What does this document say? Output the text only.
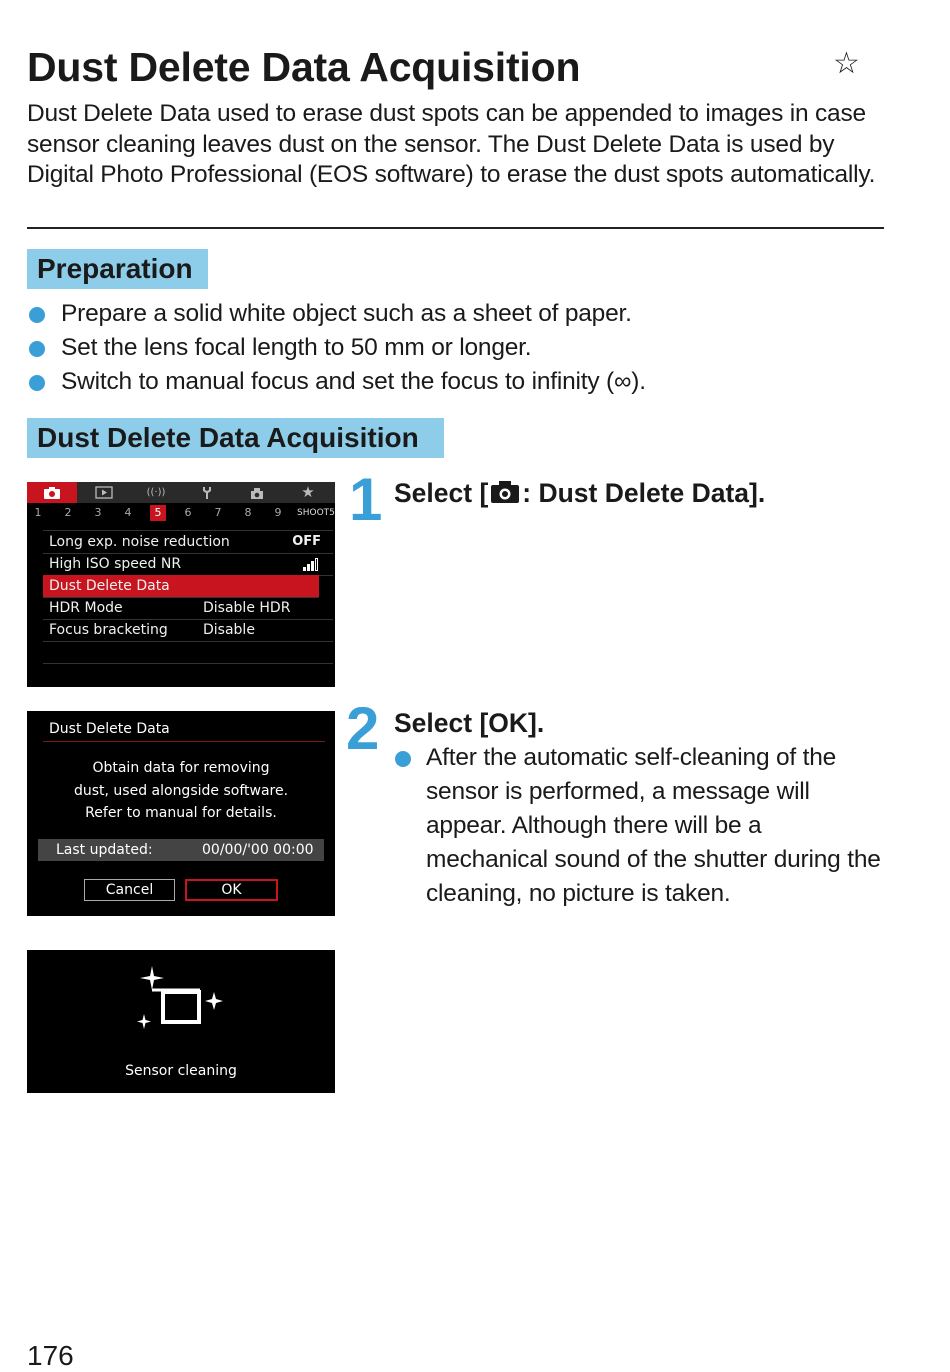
Dust Delete Data Acquisition	☆
Dust Delete Data used to erase dust spots can be appended to images in case sensor cleaning leaves dust on the sensor. The Dust Delete Data is used by Digital Photo Professional (EOS software) to erase the dust spots automatically.
Preparation
Prepare a solid white object such as a sheet of paper.
Set the lens focal length to 50 mm or longer.
Switch to manual focus and set the focus to infinity (∞).
Dust Delete Data Acquisition
((·))	★
1	2	3	4	5	6	7	8	9	SHOOT5
Long exp. noise reduction	OFF
High ISO speed NR
Dust Delete Data
HDR Mode	Disable HDR
Focus bracketing	Disable
Dust Delete Data
Obtain data for removing
dust, used alongside software.
Refer to manual for details.
Last updated:	00/00/'00 00:00
Cancel	OK
Sensor cleaning
1 Select [ : Dust Delete Data].
2 Select [OK].
After the automatic self-cleaning of the sensor is performed, a message will appear. Although there will be a mechanical sound of the shutter during the cleaning, no picture is taken.
176
